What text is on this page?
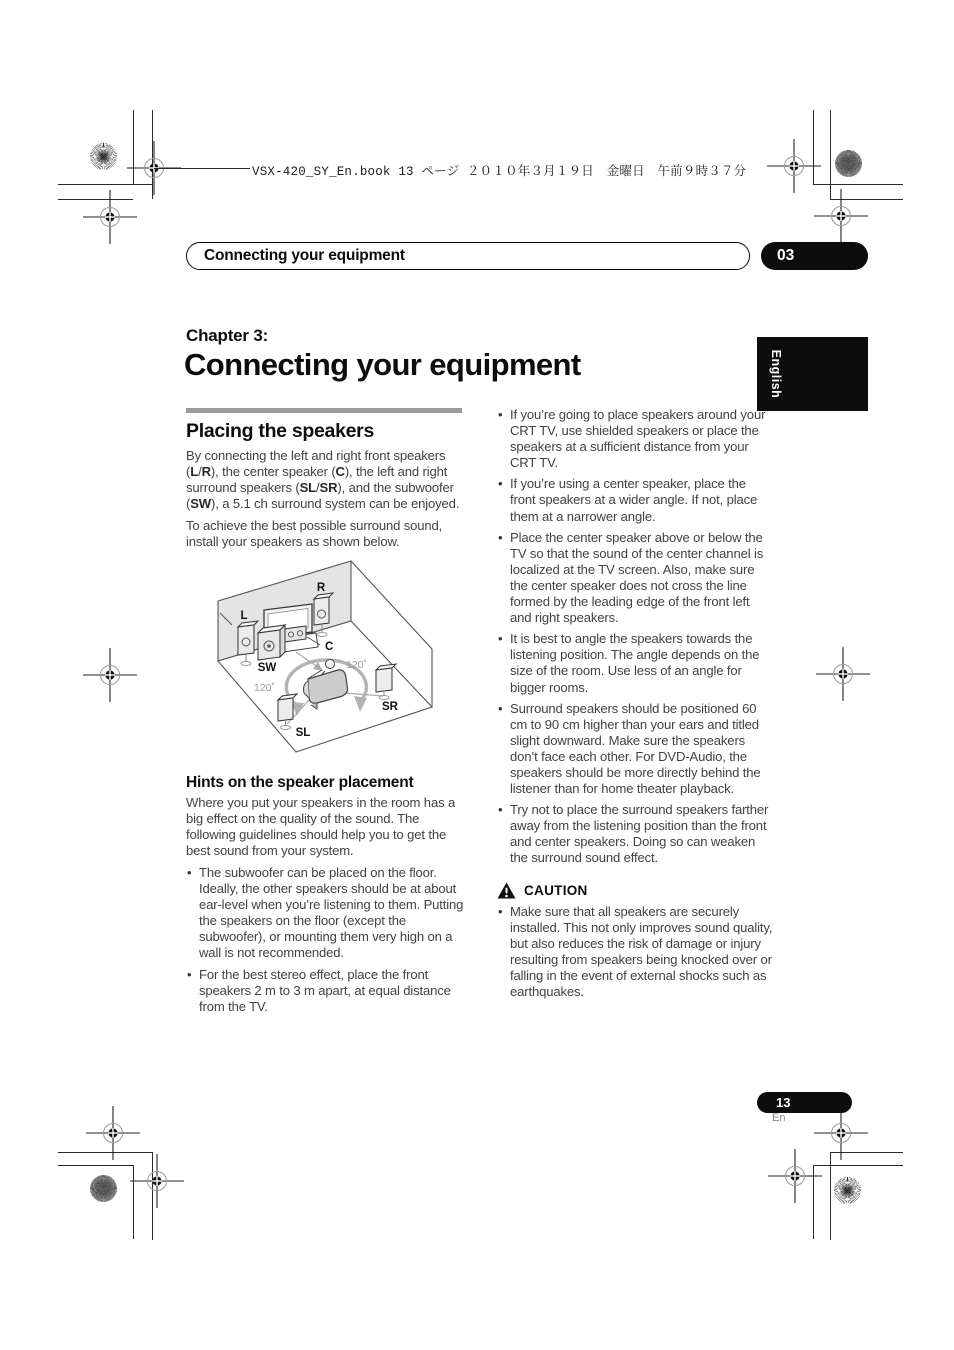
VSX-420_SY_En.book 13 ページ ２０１０年３月１９日　金曜日　午前９時３７分
Connecting your equipment	03
English
Chapter 3:
Connecting your equipment
Placing the speakers

By connecting the left and right front speakers (L/R), the center speaker (C), the left and right surround speakers (SL/SR), and the subwoofer (SW), a 5.1 ch surround system can be enjoyed.

To achieve the best possible surround sound, install your speakers as shown below.

L
R
C
SW
SL
SR
120˚
120˚
Hints on the speaker placement

Where you put your speakers in the room has a big effect on the quality of the sound. The following guidelines should help you to get the best sound from your system.

• The subwoofer can be placed on the floor. Ideally, the other speakers should be at about ear-level when you’re listening to them. Putting the speakers on the floor (except the subwoofer), or mounting them very high on a wall is not recommended.
• For the best stereo effect, place the front speakers 2 m to 3 m apart, at equal distance from the TV.
• If you’re going to place speakers around your CRT TV, use shielded speakers or place the speakers at a sufficient distance from your CRT TV.
• If you’re using a center speaker, place the front speakers at a wider angle. If not, place them at a narrower angle.
• Place the center speaker above or below the TV so that the sound of the center channel is localized at the TV screen. Also, make sure the center speaker does not cross the line formed by the leading edge of the front left and right speakers.
• It is best to angle the speakers towards the listening position. The angle depends on the size of the room. Use less of an angle for bigger rooms.
• Surround speakers should be positioned 60 cm to 90 cm higher than your ears and titled slight downward. Make sure the speakers don’t face each other. For DVD-Audio, the speakers should be more directly behind the listener than for home theater playback.
• Try not to place the surround speakers farther away from the listening position than the front and center speakers. Doing so can weaken the surround sound effect.
CAUTION
• Make sure that all speakers are securely installed. This not only improves sound quality, but also reduces the risk of damage or injury resulting from speakers being knocked over or falling in the event of external shocks such as earthquakes.
13
En
